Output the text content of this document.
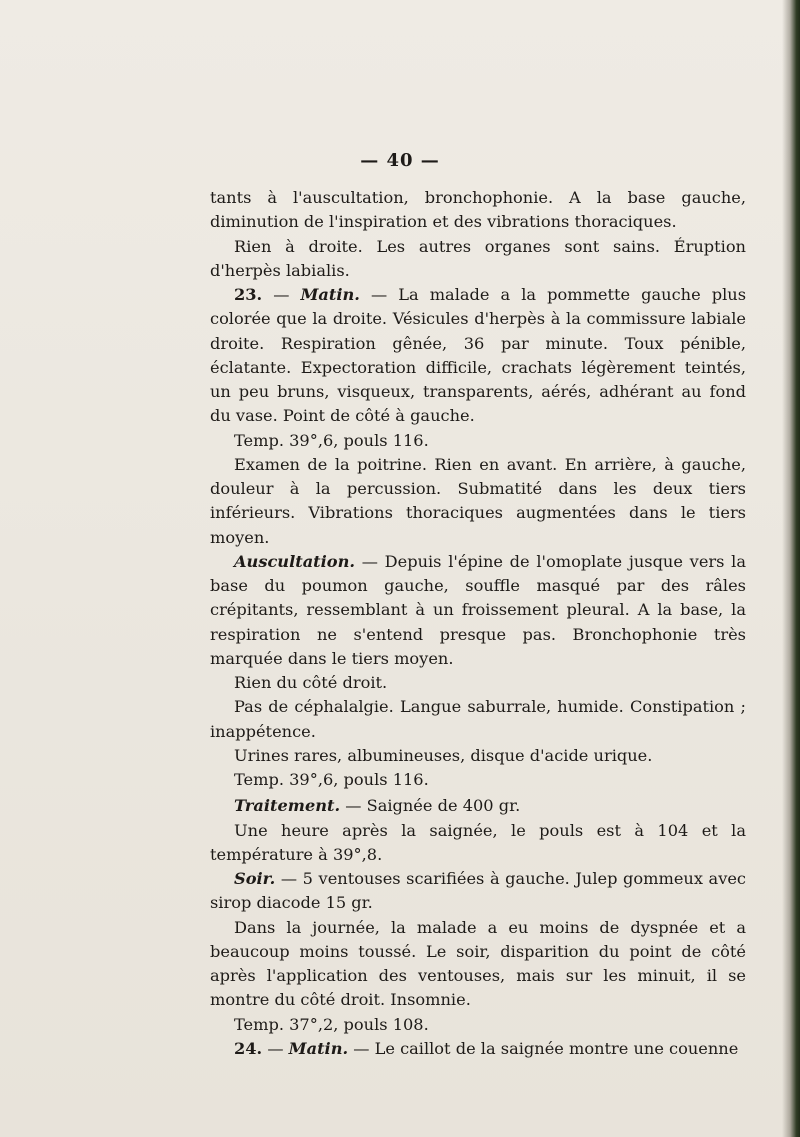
— 40 —

tants à l'auscultation, bronchophonie. A la base gauche, diminution de l'inspiration et des vibrations thoraciques.

Rien à droite. Les autres organes sont sains. Éruption d'herpès labialis.

23. — Matin. — La malade a la pommette gauche plus colorée que la droite. Vésicules d'herpès à la commissure labiale droite. Respiration gênée, 36 par minute. Toux pénible, éclatante. Expectoration difficile, crachats légèrement teintés, un peu bruns, visqueux, transparents, aérés, adhérant au fond du vase. Point de côté à gauche.

Temp. 39°,6, pouls 116.

Examen de la poitrine. Rien en avant. En arrière, à gauche, douleur à la percussion. Submatité dans les deux tiers inférieurs. Vibrations thoraciques augmentées dans le tiers moyen.

Auscultation. — Depuis l'épine de l'omoplate jusque vers la base du poumon gauche, souffle masqué par des râles crépitants, ressemblant à un froissement pleural. A la base, la respiration ne s'entend presque pas. Bronchophonie très marquée dans le tiers moyen.

Rien du côté droit.

Pas de céphalalgie. Langue saburrale, humide. Constipation ; inappétence.

Urines rares, albumineuses, disque d'acide urique.

Temp. 39°,6, pouls 116.

Traitement. — Saignée de 400 gr.

Une heure après la saignée, le pouls est à 104 et la température à 39°,8.

Soir. — 5 ventouses scarifiées à gauche. Julep gommeux avec sirop diacode 15 gr.

Dans la journée, la malade a eu moins de dyspnée et a beaucoup moins toussé. Le soir, disparition du point de côté après l'application des ventouses, mais sur les minuit, il se montre du côté droit. Insomnie.

Temp. 37°,2, pouls 108.

24. — Matin. — Le caillot de la saignée montre une couenne
